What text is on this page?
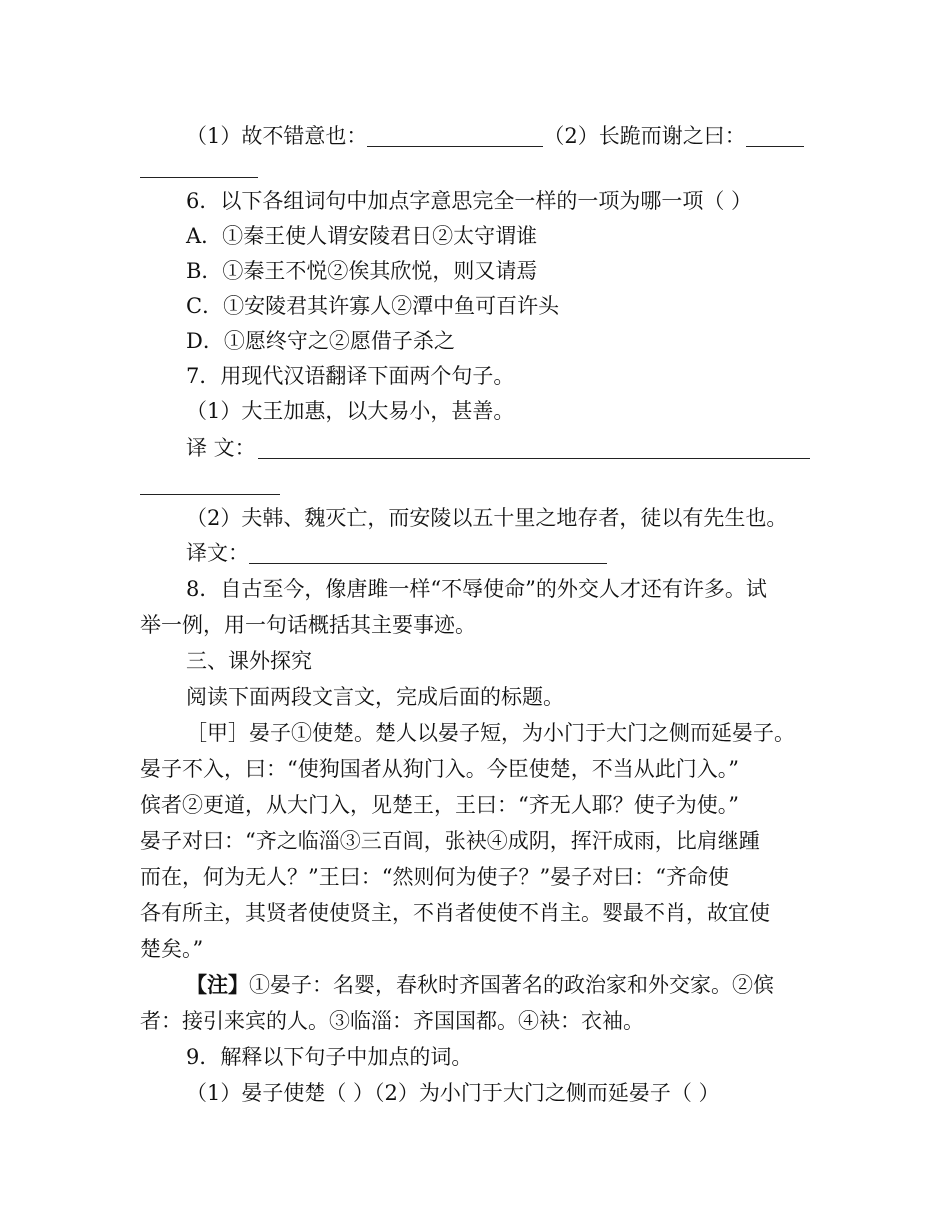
（1）故不错意也：	（2）长跪而谢之曰：
6．以下各组词句中加点字意思完全一样的一项为哪一项（ ）
A．①秦王使人谓安陵君日②太守谓谁
B．①秦王不悦②俟其欣悦，则又请焉
C．①安陵君其许寡人②潭中鱼可百许头
D．①愿终守之②愿借子杀之
7．用现代汉语翻译下面两个句子。
（1）大王加惠，以大易小，甚善。
译 文：
（2）夫韩、魏灭亡，而安陵以五十里之地存者，徒以有先生也。
译文：
8．自古至今，像唐雎一样“不辱使命”的外交人才还有许多。试
举一例，用一句话概括其主要事迹。
三、课外探究
阅读下面两段文言文，完成后面的标题。
［甲］晏子①使楚。楚人以晏子短，为小门于大门之侧而延晏子。
晏子不入，曰：“使狗国者从狗门入。今臣使楚，不当从此门入。”
傧者②更道，从大门入，见楚王，王曰：“齐无人耶？使子为使。”
晏子对曰：“齐之临淄③三百闾，张袂④成阴，挥汗成雨，比肩继踵
而在，何为无人？”王曰：“然则何为使子？”晏子对曰：“齐命使
各有所主，其贤者使使贤主，不肖者使使不肖主。婴最不肖，故宜使
楚矣。”
【注】①晏子：名婴，春秋时齐国著名的政治家和外交家。②傧
者：接引来宾的人。③临淄：齐国国都。④袂：衣袖。
9．解释以下句子中加点的词。
（1）晏子使楚（ ）（2）为小门于大门之侧而延晏子（ ）
